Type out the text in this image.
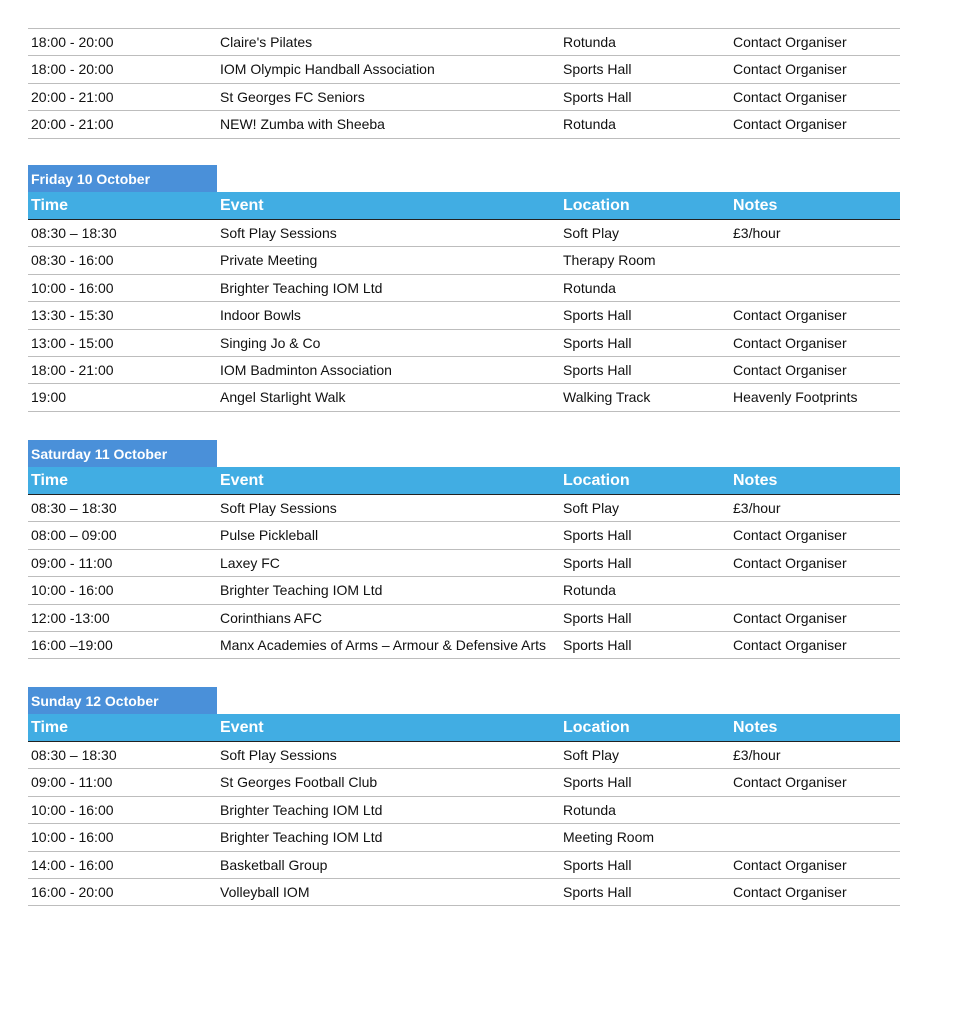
18:00 - 20:00	Claire's Pilates	Rotunda	Contact Organiser
18:00 - 20:00	IOM Olympic Handball Association	Sports Hall	Contact Organiser
20:00 - 21:00	St Georges FC Seniors	Sports Hall	Contact Organiser
20:00 - 21:00	NEW! Zumba with Sheeba	Rotunda	Contact Organiser
Friday 10 October
Time	Event	Location	Notes
08:30 – 18:30	Soft Play Sessions	Soft Play	£3/hour
08:30 - 16:00	Private Meeting	Therapy Room
10:00 - 16:00	Brighter Teaching IOM Ltd	Rotunda
13:30 - 15:30	Indoor Bowls	Sports Hall	Contact Organiser
13:00 - 15:00	Singing Jo & Co	Sports Hall	Contact Organiser
18:00 - 21:00	IOM Badminton Association	Sports Hall	Contact Organiser
19:00	Angel Starlight Walk	Walking Track	Heavenly Footprints
Saturday 11 October
Time	Event	Location	Notes
08:30 – 18:30	Soft Play Sessions	Soft Play	£3/hour
08:00 – 09:00	Pulse Pickleball	Sports Hall	Contact Organiser
09:00 - 11:00	Laxey FC	Sports Hall	Contact Organiser
10:00 - 16:00	Brighter Teaching IOM Ltd	Rotunda
12:00 -13:00	Corinthians AFC	Sports Hall	Contact Organiser
16:00 –19:00	Manx Academies of Arms – Armour & Defensive Arts	Sports Hall	Contact Organiser
Sunday 12 October
Time	Event	Location	Notes
08:30 – 18:30	Soft Play Sessions	Soft Play	£3/hour
09:00 - 11:00	St Georges Football Club	Sports Hall	Contact Organiser
10:00 - 16:00	Brighter Teaching IOM Ltd	Rotunda
10:00 - 16:00	Brighter Teaching IOM Ltd	Meeting Room
14:00 - 16:00	Basketball Group	Sports Hall	Contact Organiser
16:00 - 20:00	Volleyball IOM	Sports Hall	Contact Organiser
